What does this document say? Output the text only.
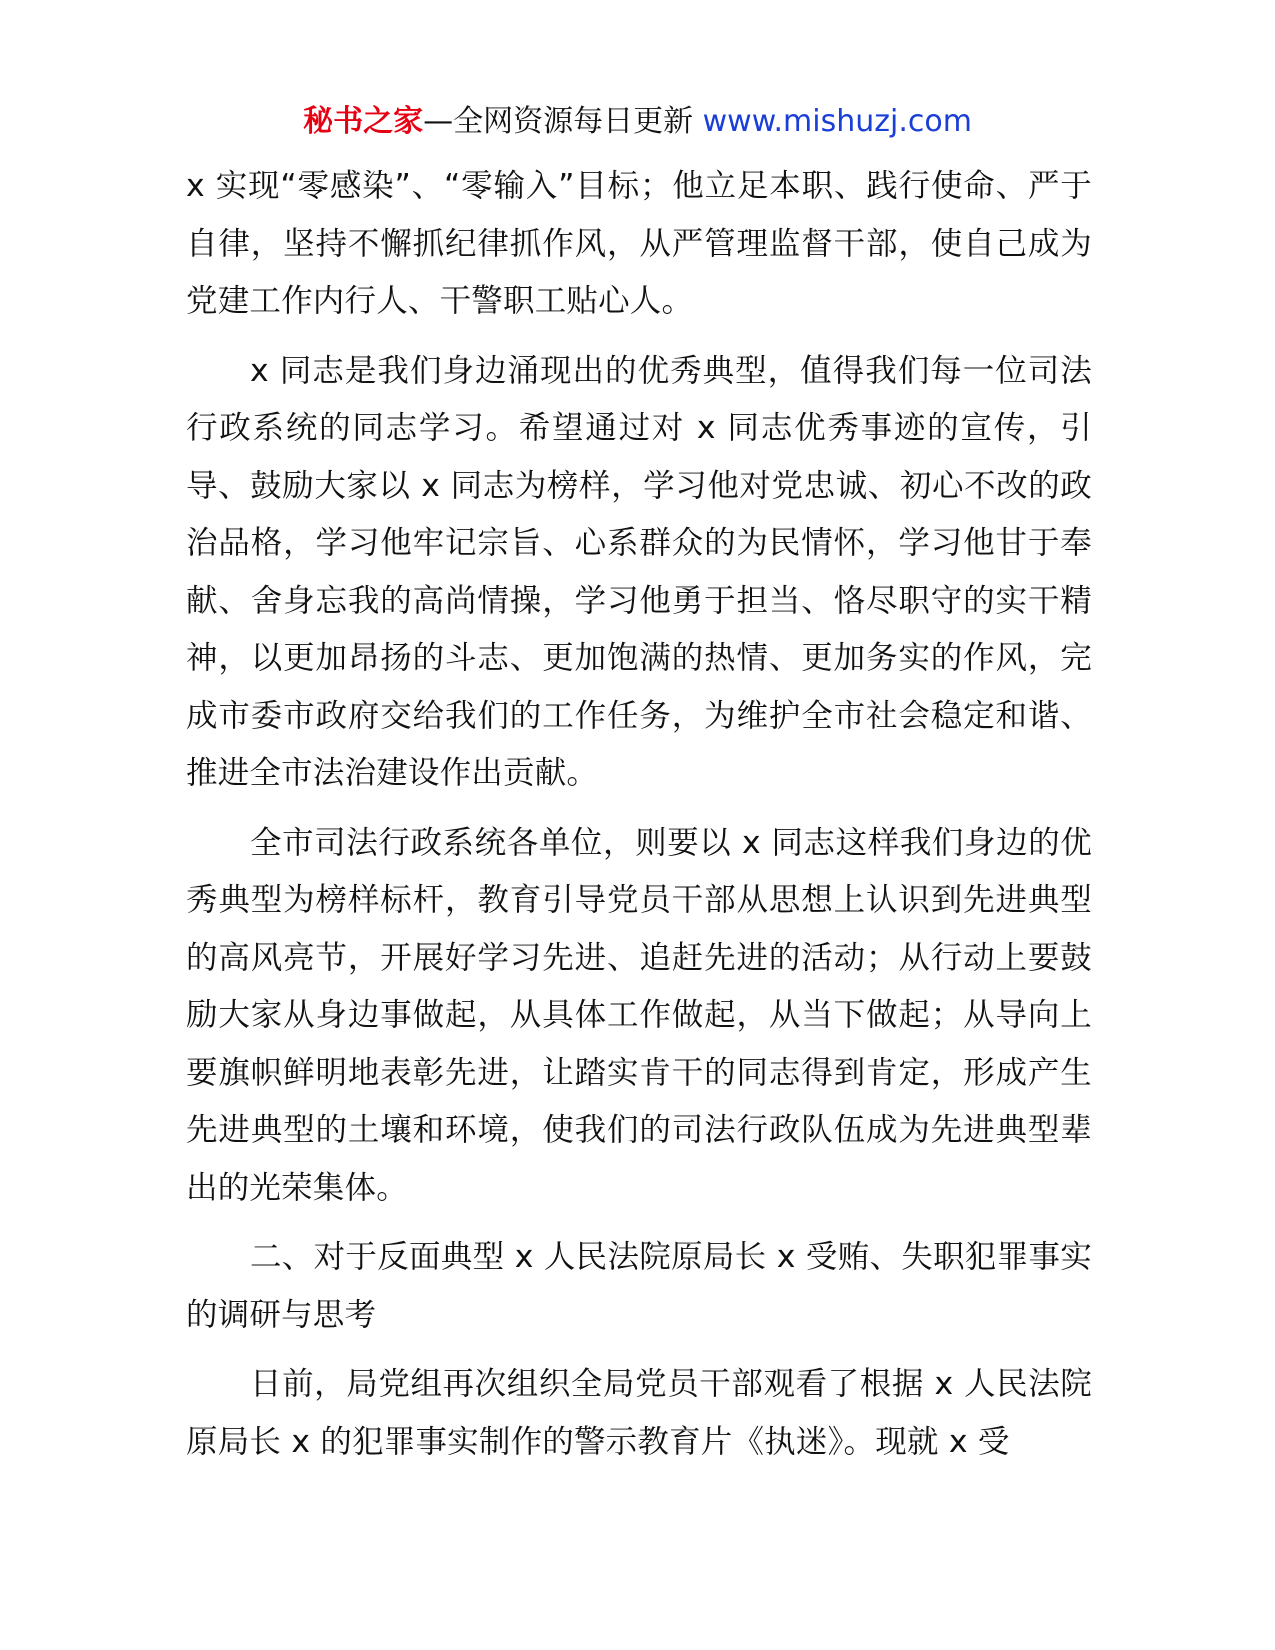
秘书之家—全网资源每日更新 www.mishuzj.com

x 实现“零感染”、“零输入”目标；他立足本职、践行使命、严于自律，坚持不懈抓纪律抓作风，从严管理监督干部，使自己成为党建工作内行人、干警职工贴心人。

x 同志是我们身边涌现出的优秀典型，值得我们每一位司法行政系统的同志学习。希望通过对 x 同志优秀事迹的宣传，引导、鼓励大家以 x 同志为榜样，学习他对党忠诚、初心不改的政治品格，学习他牢记宗旨、心系群众的为民情怀，学习他甘于奉献、舍身忘我的高尚情操，学习他勇于担当、恪尽职守的实干精神，以更加昂扬的斗志、更加饱满的热情、更加务实的作风，完成市委市政府交给我们的工作任务，为维护全市社会稳定和谐、推进全市法治建设作出贡献。

全市司法行政系统各单位，则要以 x 同志这样我们身边的优秀典型为榜样标杆，教育引导党员干部从思想上认识到先进典型的高风亮节，开展好学习先进、追赶先进的活动；从行动上要鼓励大家从身边事做起，从具体工作做起，从当下做起；从导向上要旗帜鲜明地表彰先进，让踏实肯干的同志得到肯定，形成产生先进典型的土壤和环境，使我们的司法行政队伍成为先进典型辈出的光荣集体。

二、对于反面典型 x 人民法院原局长 x 受贿、失职犯罪事实的调研与思考

日前，局党组再次组织全局党员干部观看了根据 x 人民法院原局长 x 的犯罪事实制作的警示教育片《执迷》。现就 x 受
